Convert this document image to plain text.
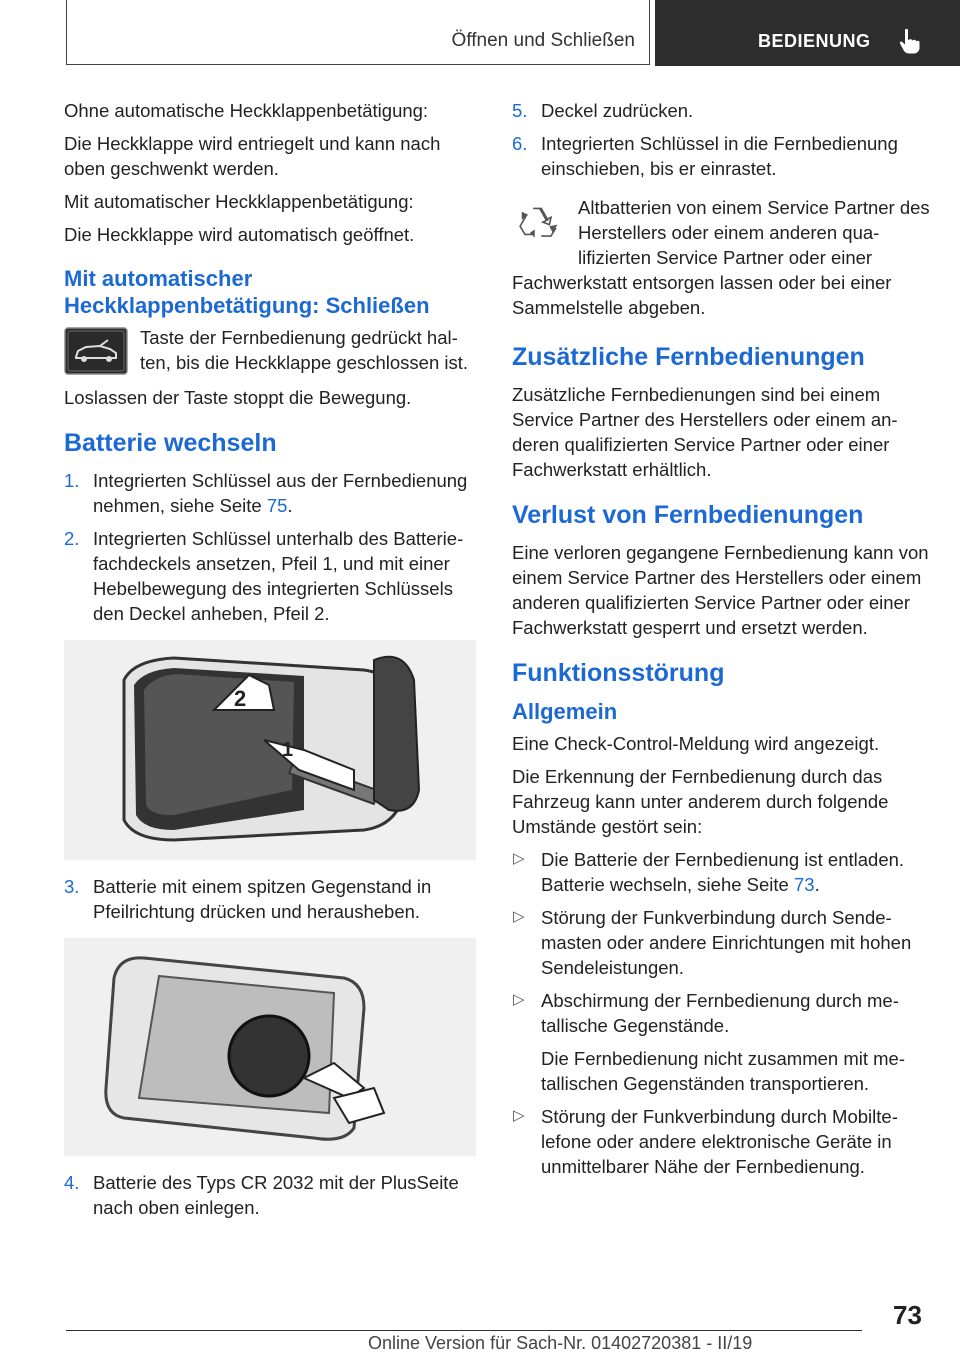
Öffnen und Schließen	BEDIENUNG

Ohne automatische Heckklappenbetätigung:

Die Heckklappe wird entriegelt und kann nach oben geschwenkt werden.

Mit automatischer Heckklappenbetätigung:

Die Heckklappe wird automatisch geöffnet.

Mit automatischer Heckklappenbetätigung: Schließen

Taste der Fernbedienung gedrückt halten, bis die Heckklappe geschlossen ist.

Loslassen der Taste stoppt die Bewegung.

Batterie wechseln
1. Integrierten Schlüssel aus der Fernbedienung nehmen, siehe Seite 75.
2. Integrierten Schlüssel unterhalb des Batteriefachdeckels ansetzen, Pfeil 1, und mit einer Hebelbewegung des integrierten Schlüssels den Deckel anheben, Pfeil 2.
2
1
3. Batterie mit einem spitzen Gegenstand in Pfeilrichtung drücken und herausheben.
4. Batterie des Typs CR 2032 mit der PlusSeite nach oben einlegen.
5. Deckel zudrücken.
6. Integrierten Schlüssel in die Fernbedienung einschieben, bis er einrastet.

Altbatterien von einem Service Partner des Herstellers oder einem anderen qualifizierten Service Partner oder einer Fachwerkstatt entsorgen lassen oder bei einer Sammelstelle abgeben.

Zusätzliche Fernbedienungen

Zusätzliche Fernbedienungen sind bei einem Service Partner des Herstellers oder einem anderen qualifizierten Service Partner oder einer Fachwerkstatt erhältlich.

Verlust von Fernbedienungen

Eine verloren gegangene Fernbedienung kann von einem Service Partner des Herstellers oder einem anderen qualifizierten Service Partner oder einer Fachwerkstatt gesperrt und ersetzt werden.

Funktionsstörung
Allgemein

Eine Check-Control-Meldung wird angezeigt.

Die Erkennung der Fernbedienung durch das Fahrzeug kann unter anderem durch folgende Umstände gestört sein:

▷ Die Batterie der Fernbedienung ist entladen.
Batterie wechseln, siehe Seite 73.
▷ Störung der Funkverbindung durch Sendemasten oder andere Einrichtungen mit hohen Sendeleistungen.
▷ Abschirmung der Fernbedienung durch metallische Gegenstände.

Die Fernbedienung nicht zusammen mit metallischen Gegenständen transportieren.

▷ Störung der Funkverbindung durch Mobiltelefone oder andere elektronische Geräte in unmittelbarer Nähe der Fernbedienung.
73
Online Version für Sach-Nr. 01402720381 - II/19
